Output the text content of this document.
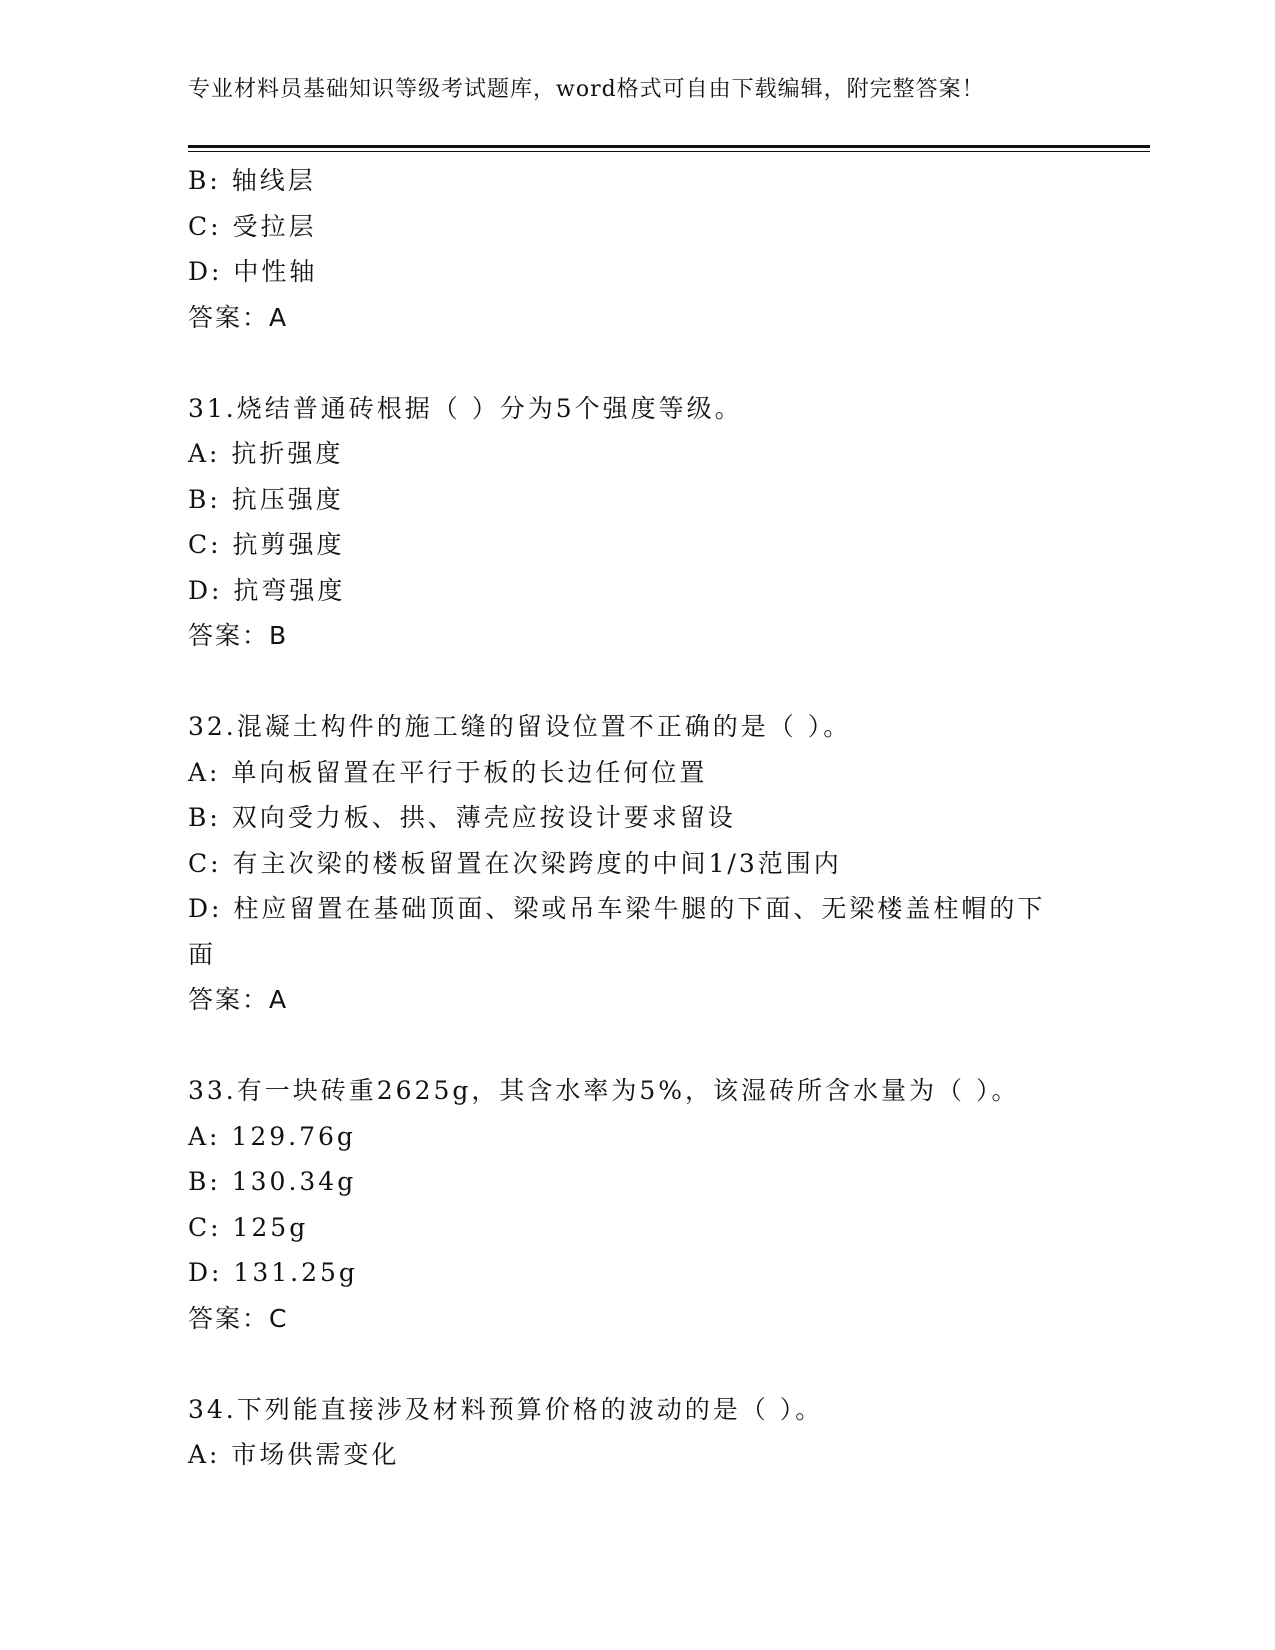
专业材料员基础知识等级考试题库，word格式可自由下载编辑，附完整答案！
B: 轴线层
C: 受拉层
D: 中性轴
答案：A
31.烧结普通砖根据（ ）分为5个强度等级。
A: 抗折强度
B: 抗压强度
C: 抗剪强度
D: 抗弯强度
答案：B
32.混凝土构件的施工缝的留设位置不正确的是（ ）。
A: 单向板留置在平行于板的长边任何位置
B: 双向受力板、拱、薄壳应按设计要求留设
C: 有主次梁的楼板留置在次梁跨度的中间1/3范围内
D: 柱应留置在基础顶面、梁或吊车梁牛腿的下面、无梁楼盖柱帽的下面
答案：A
33.有一块砖重2625g，其含水率为5%，该湿砖所含水量为（ ）。
A: 129.76g
B: 130.34g
C: 125g
D: 131.25g
答案：C
34.下列能直接涉及材料预算价格的波动的是（ ）。
A: 市场供需变化
